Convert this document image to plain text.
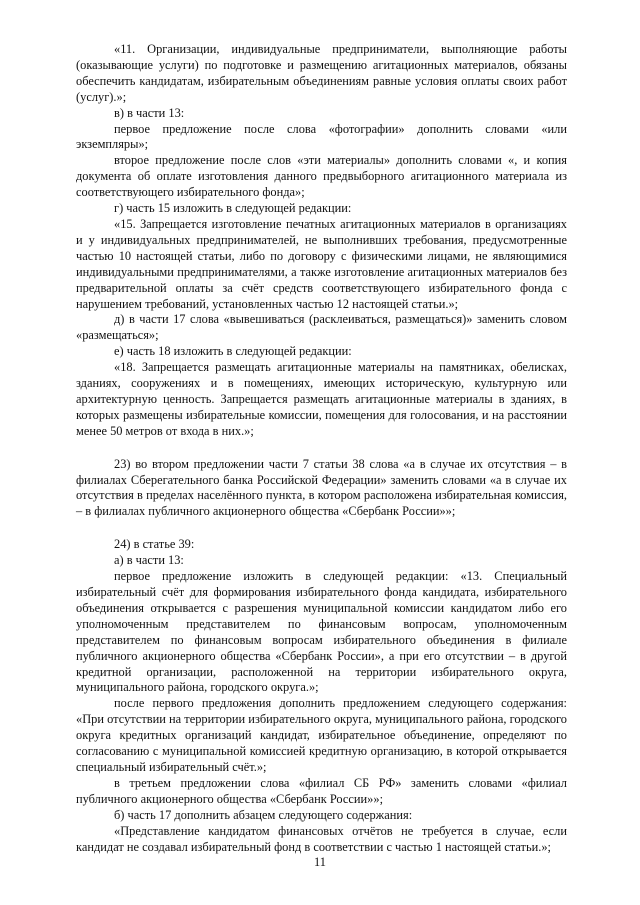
«11. Организации, индивидуальные предприниматели, выполняющие работы (оказывающие услуги) по подготовке и размещению агитационных материалов, обязаны обеспечить кандидатам, избирательным объединениям равные условия оплаты своих работ (услуг).»;

в) в части 13:

первое предложение после слова «фотографии» дополнить словами «или экземпляры»;

второе предложение после слов «эти материалы» дополнить словами «, и копия документа об оплате изготовления данного предвыборного агитационного материала из соответствующего избирательного фонда»;

г) часть 15 изложить в следующей редакции:

«15. Запрещается изготовление печатных агитационных материалов в организациях и у индивидуальных предпринимателей, не выполнивших требования, предусмотренные частью 10 настоящей статьи, либо по договору с физическими лицами, не являющимися индивидуальными предпринимателями, а также изготовление агитационных материалов без предварительной оплаты за счёт средств соответствующего избирательного фонда с нарушением требований, установленных частью 12 настоящей статьи.»;

д) в части 17 слова «вывешиваться (расклеиваться, размещаться)» заменить словом «размещаться»;

е) часть 18 изложить в следующей редакции:

«18. Запрещается размещать агитационные материалы на памятниках, обелисках, зданиях, сооружениях и в помещениях, имеющих историческую, культурную или архитектурную ценность. Запрещается размещать агитационные материалы в зданиях, в которых размещены избирательные комиссии, помещения для голосования, и на расстоянии менее 50 метров от входа в них.»;

23) во втором предложении части 7 статьи 38 слова «а в случае их отсутствия – в филиалах Сберегательного банка Российской Федерации» заменить словами «а в случае их отсутствия в пределах населённого пункта, в котором расположена избирательная комиссия, – в филиалах публичного акционерного общества «Сбербанк России»»;

24) в статье 39:

а) в части 13:

первое предложение изложить в следующей редакции: «13. Специальный избирательный счёт для формирования избирательного фонда кандидата, избирательного объединения открывается с разрешения муниципальной комиссии кандидатом либо его уполномоченным представителем по финансовым вопросам, уполномоченным представителем по финансовым вопросам избирательного объединения в филиале публичного акционерного общества «Сбербанк России», а при его отсутствии – в другой кредитной организации, расположенной на территории избирательного округа, муниципального района, городского округа.»;

после первого предложения дополнить предложением следующего содержания: «При отсутствии на территории избирательного округа, муниципального района, городского округа кредитных организаций кандидат, избирательное объединение, определяют по согласованию с муниципальной комиссией кредитную организацию, в которой открывается специальный избирательный счёт.»;

в третьем предложении слова «филиал СБ РФ» заменить словами «филиал публичного акционерного общества «Сбербанк России»»;

б) часть 17 дополнить абзацем следующего содержания:

«Представление кандидатом финансовых отчётов не требуется в случае, если кандидат не создавал избирательный фонд в соответствии с частью 1 настоящей статьи.»;

11
